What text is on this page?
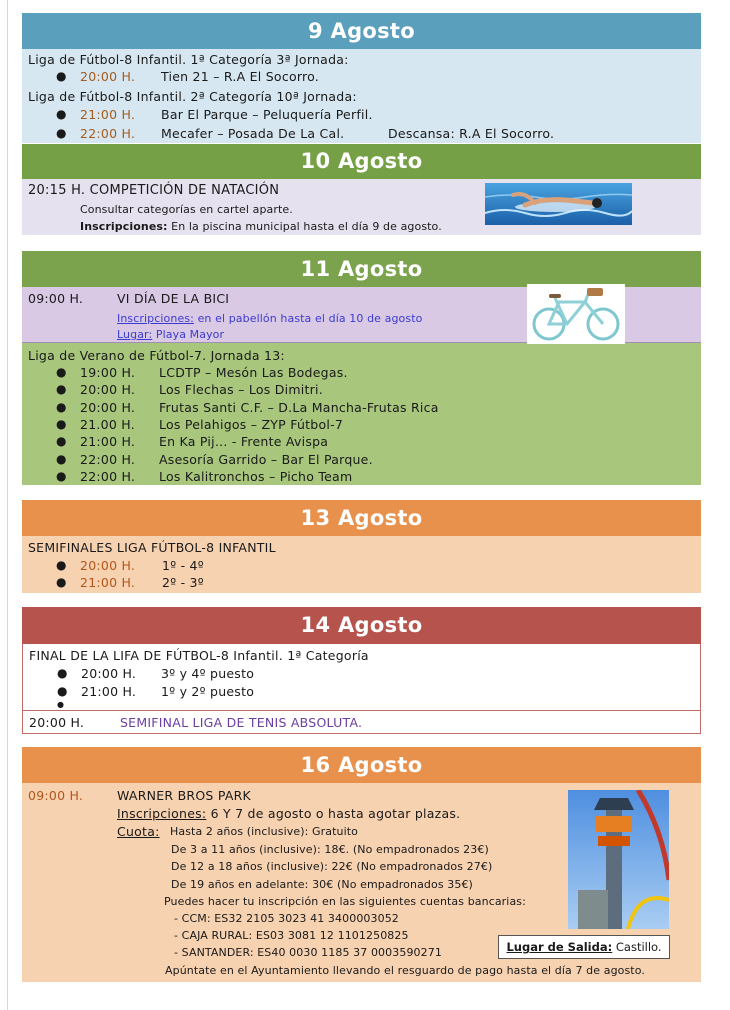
9 Agosto
Liga de Fútbol-8 Infantil. 1ª Categoría 3ª Jornada:
● 20:00 H. Tien 21 – R.A El Socorro.
Liga de Fútbol-8 Infantil. 2ª Categoría 10ª Jornada:
● 21:00 H. Bar El Parque – Peluquería Perfil.
● 22:00 H. Mecafer – Posada De La Cal.	Descansa: R.A El Socorro.
10 Agosto
20:15 H. COMPETICIÓN DE NATACIÓN
Consultar categorías en cartel aparte.
Inscripciones: En la piscina municipal hasta el día 9 de agosto.
11 Agosto
09:00 H.	VI DÍA DE LA BICI
Inscripciones: en el pabellón hasta el día 10 de agosto
Lugar: Playa Mayor
Liga de Verano de Fútbol-7. Jornada 13:
● 19:00 H. LCDTP – Mesón Las Bodegas.
● 20:00 H. Los Flechas – Los Dimitri.
● 20:00 H. Frutas Santi C.F. – D.La Mancha-Frutas Rica
● 21.00 H. Los Pelahigos – ZYP Fútbol-7
● 21:00 H. En Ka Pij… - Frente Avispa
● 22:00 H. Asesoría Garrido – Bar El Parque.
● 22:00 H. Los Kalitronchos – Picho Team
13 Agosto
SEMIFINALES LIGA FÚTBOL-8 INFANTIL
● 20:00 H. 1º - 4º
● 21:00 H. 2º - 3º
14 Agosto
FINAL DE LA LIFA DE FÚTBOL-8 Infantil. 1ª Categoría
● 20:00 H. 3º y 4º puesto
● 21:00 H. 1º y 2º puesto
●
20:00 H.	SEMIFINAL LIGA DE TENIS ABSOLUTA.
16 Agosto
09:00 H.	WARNER BROS PARK
Inscripciones: 6 Y 7 de agosto o hasta agotar plazas.
Cuota: Hasta 2 años (inclusive): Gratuito
De 3 a 11 años (inclusive): 18€. (No empadronados 23€)
De 12 a 18 años (inclusive): 22€ (No empadronados 27€)
De 19 años en adelante: 30€ (No empadronados 35€)
Puedes hacer tu inscripción en las siguientes cuentas bancarias:
- CCM: ES32 2105 3023 41 3400003052
- CAJA RURAL: ES03 3081 12 1101250825
- SANTANDER: ES40 0030 1185 37 0003590271	Lugar de Salida: Castillo.
Apúntate en el Ayuntamiento llevando el resguardo de pago hasta el día 7 de agosto.
